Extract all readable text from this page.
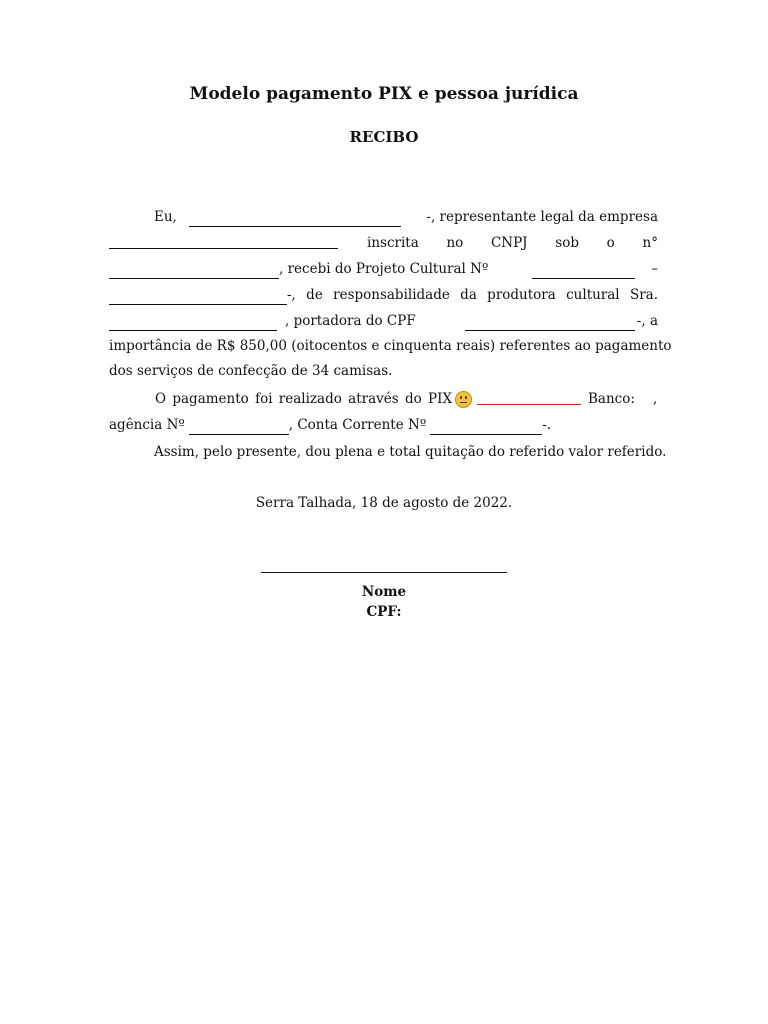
Modelo pagamento PIX e pessoa jurídica
RECIBO
Eu,	-, representante legal da empresa
inscrita no CNPJ sob o n°
, recebi do Projeto Cultural Nº	–
-, de responsabilidade da produtora cultural Sra.
, portadora do CPF	-, a
importância de R$ 850,00 (oitocentos e cinquenta reais) referentes ao pagamento
dos serviços de confecção de 34 camisas.
O pagamento foi realizado através do PIX	Banco: ,
agência Nº	, Conta Corrente Nº	-.
Assim, pelo presente, dou plena e total quitação do referido valor referido.
Serra Talhada, 18 de agosto de 2022.
Nome
CPF:
